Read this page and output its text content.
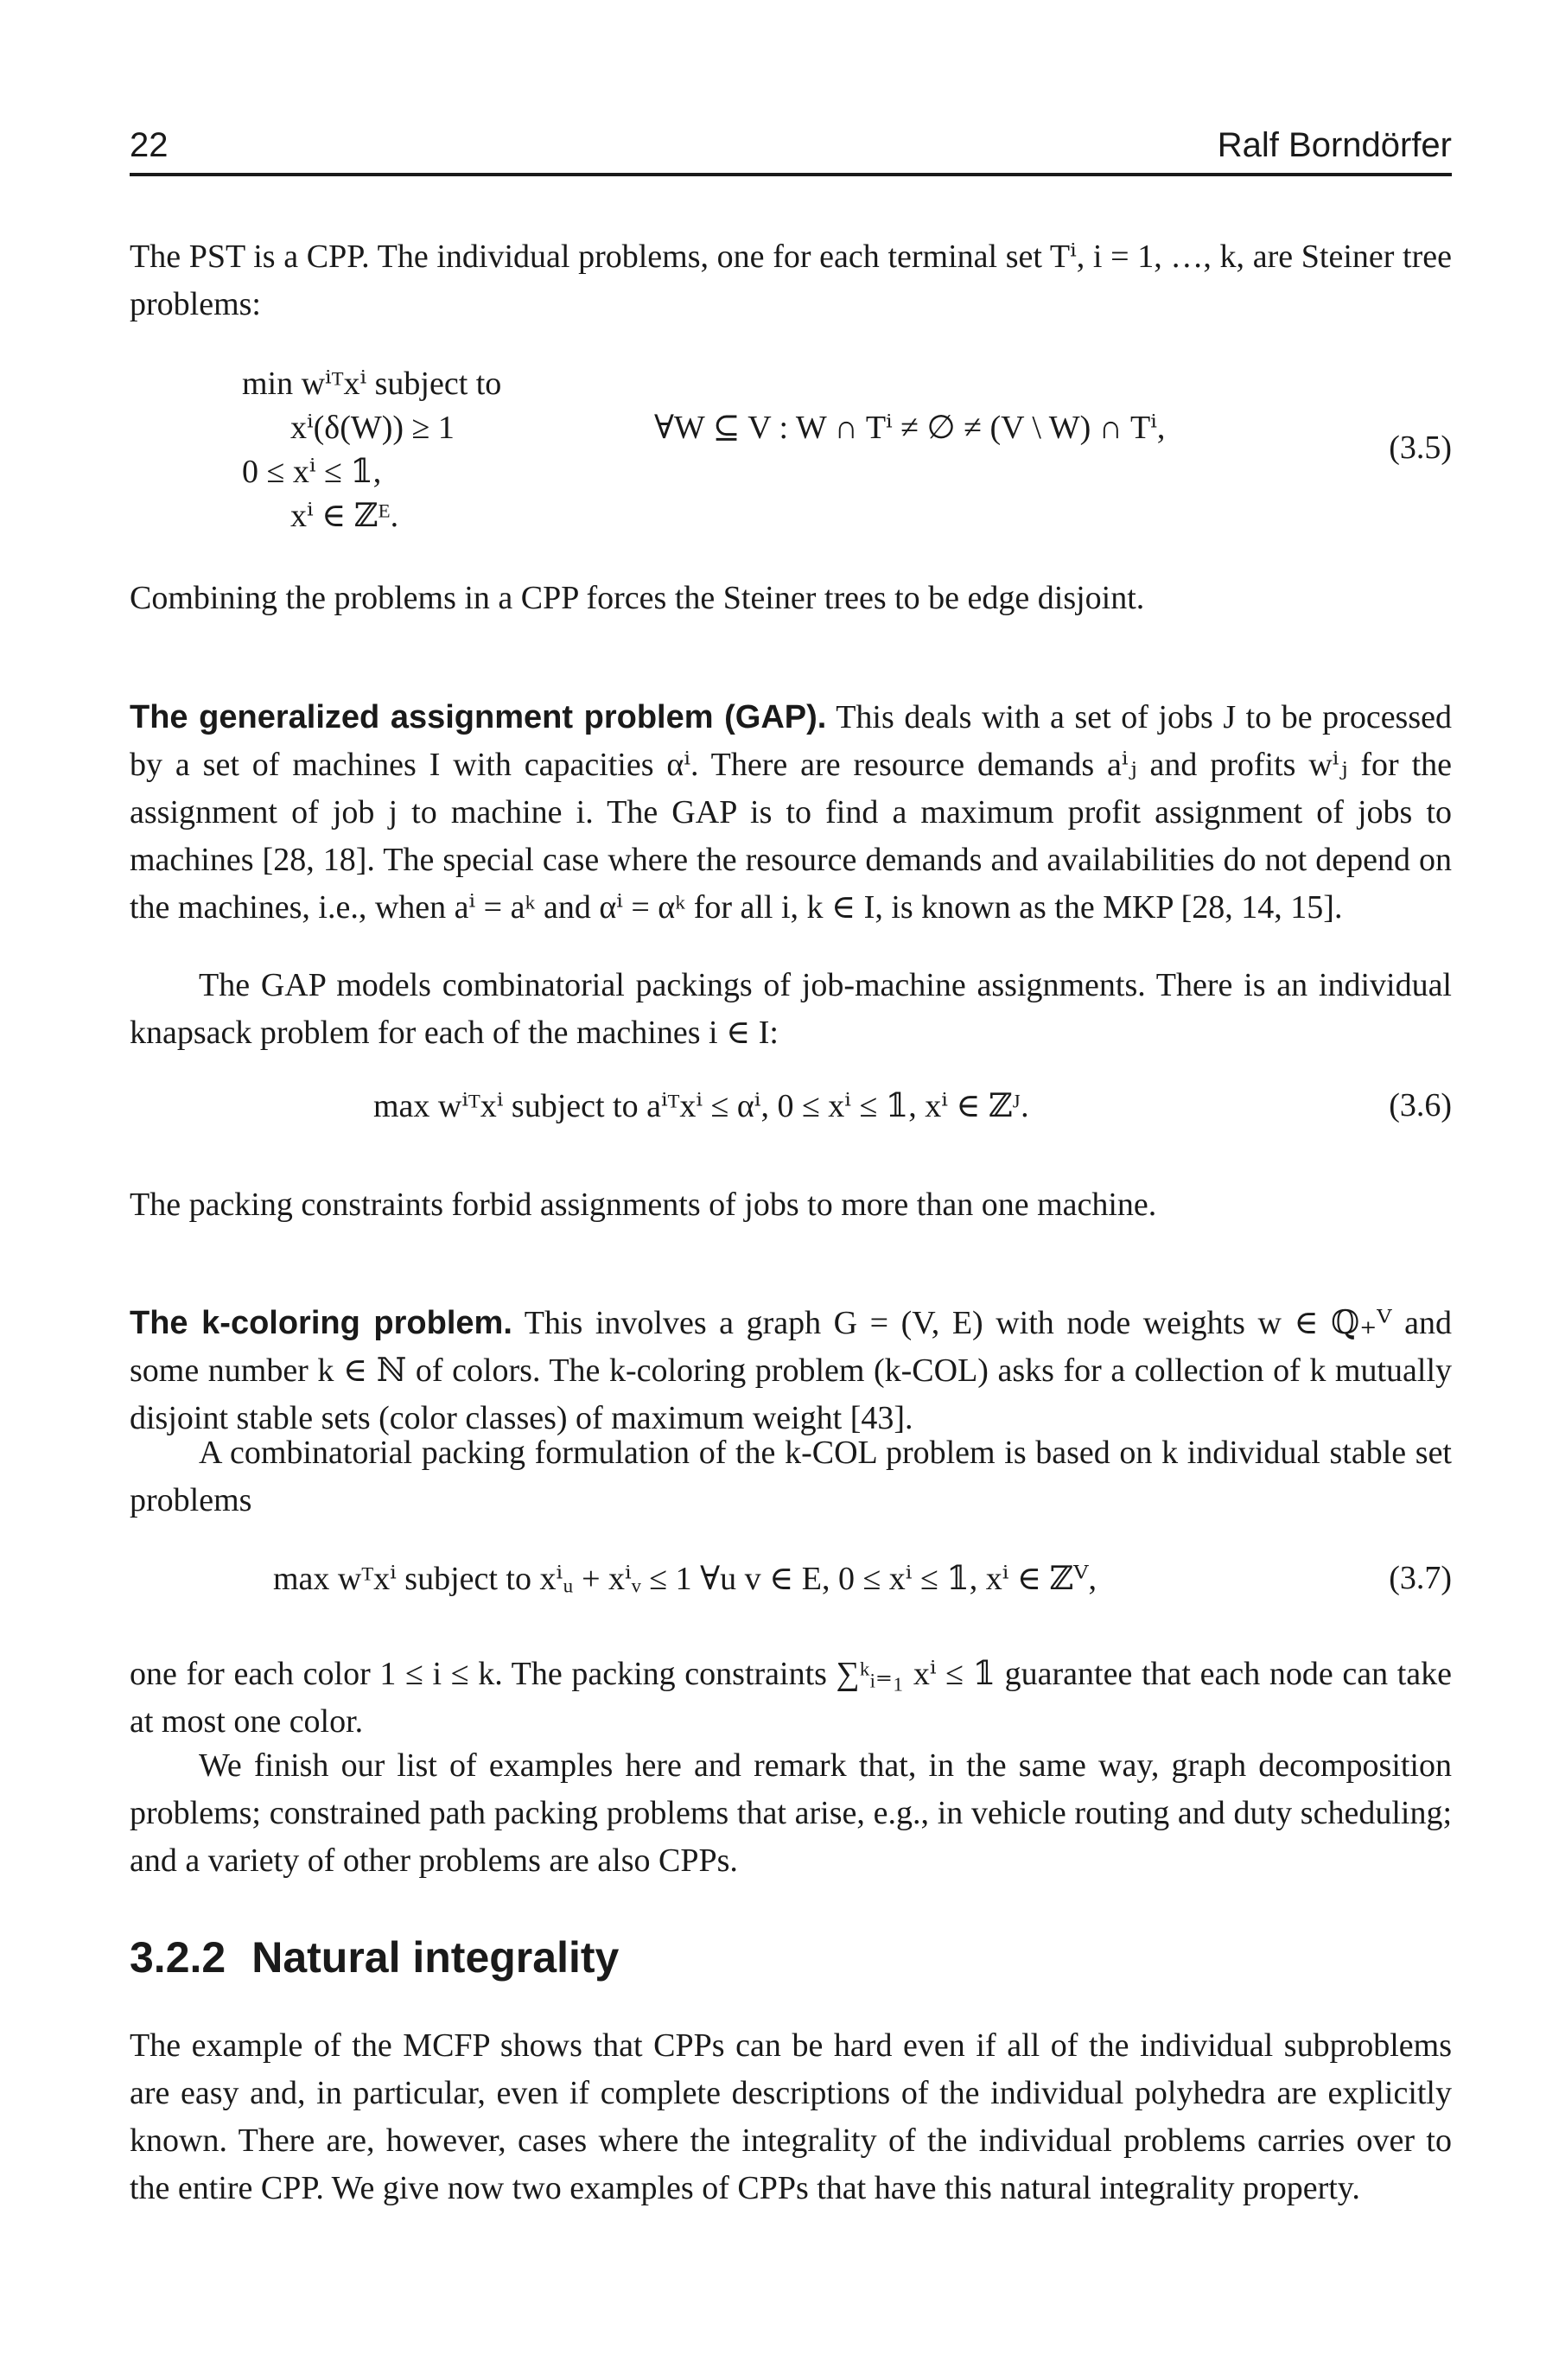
22	Ralf Borndörfer
The PST is a CPP. The individual problems, one for each terminal set Tⁱ, i = 1, …, k, are Steiner tree problems:
min wⁱᵀxⁱ subject to
xⁱ(δ(W)) ≥ 1	∀W ⊆ V : W ∩ Tⁱ ≠ ∅ ≠ (V \ W) ∩ Tⁱ,
0 ≤ xⁱ ≤ 𝟙,
xⁱ ∈ ℤᴱ.
(3.5)
Combining the problems in a CPP forces the Steiner trees to be edge disjoint.
The generalized assignment problem (GAP). This deals with a set of jobs J to be processed by a set of machines I with capacities αⁱ. There are resource demands aⁱⱼ and profits wⁱⱼ for the assignment of job j to machine i. The GAP is to find a maximum profit assignment of jobs to machines [28, 18]. The special case where the resource demands and availabilities do not depend on the machines, i.e., when aⁱ = aᵏ and αⁱ = αᵏ for all i, k ∈ I, is known as the MKP [28, 14, 15].
The GAP models combinatorial packings of job-machine assignments. There is an individual knapsack problem for each of the machines i ∈ I:
max wⁱᵀxⁱ subject to aⁱᵀxⁱ ≤ αⁱ, 0 ≤ xⁱ ≤ 𝟙, xⁱ ∈ ℤᴶ.	(3.6)
The packing constraints forbid assignments of jobs to more than one machine.
The k-coloring problem. This involves a graph G = (V, E) with node weights w ∈ ℚ₊ⱽ and some number k ∈ ℕ of colors. The k-coloring problem (k-COL) asks for a collection of k mutually disjoint stable sets (color classes) of maximum weight [43].
A combinatorial packing formulation of the k-COL problem is based on k individual stable set problems
max wᵀxⁱ subject to xⁱᵤ + xⁱᵥ ≤ 1 ∀u v ∈ E, 0 ≤ xⁱ ≤ 𝟙, xⁱ ∈ ℤⱽ,	(3.7)
one for each color 1 ≤ i ≤ k. The packing constraints ∑ᵏᵢ₌₁ xⁱ ≤ 𝟙 guarantee that each node can take at most one color.
We finish our list of examples here and remark that, in the same way, graph decomposition problems; constrained path packing problems that arise, e.g., in vehicle routing and duty scheduling; and a variety of other problems are also CPPs.
3.2.2 Natural integrality
The example of the MCFP shows that CPPs can be hard even if all of the individual subproblems are easy and, in particular, even if complete descriptions of the individual polyhedra are explicitly known. There are, however, cases where the integrality of the individual problems carries over to the entire CPP. We give now two examples of CPPs that have this natural integrality property.
